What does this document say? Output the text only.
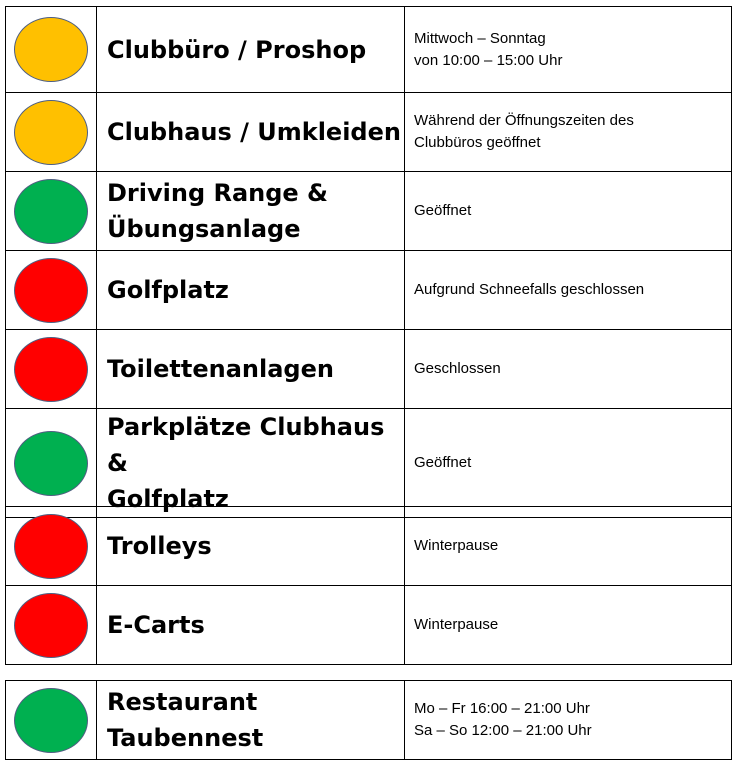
	Clubbüro / Proshop	Mittwoch – Sonntag
von 10:00 – 15:00 Uhr
	Clubhaus / Umkleiden	Während der Öffnungszeiten des
Clubbüros geöffnet
	Driving Range &
Übungsanlage	Geöffnet
	Golfplatz	Aufgrund Schneefalls geschlossen
	Toilettenanlagen	Geschlossen
	Parkplätze Clubhaus &
Golfplatz	Geöffnet
	Trolleys	Winterpause
	E-Carts	Winterpause
	Restaurant
Taubennest	Mo – Fr 16:00 – 21:00 Uhr
Sa – So 12:00 – 21:00 Uhr
